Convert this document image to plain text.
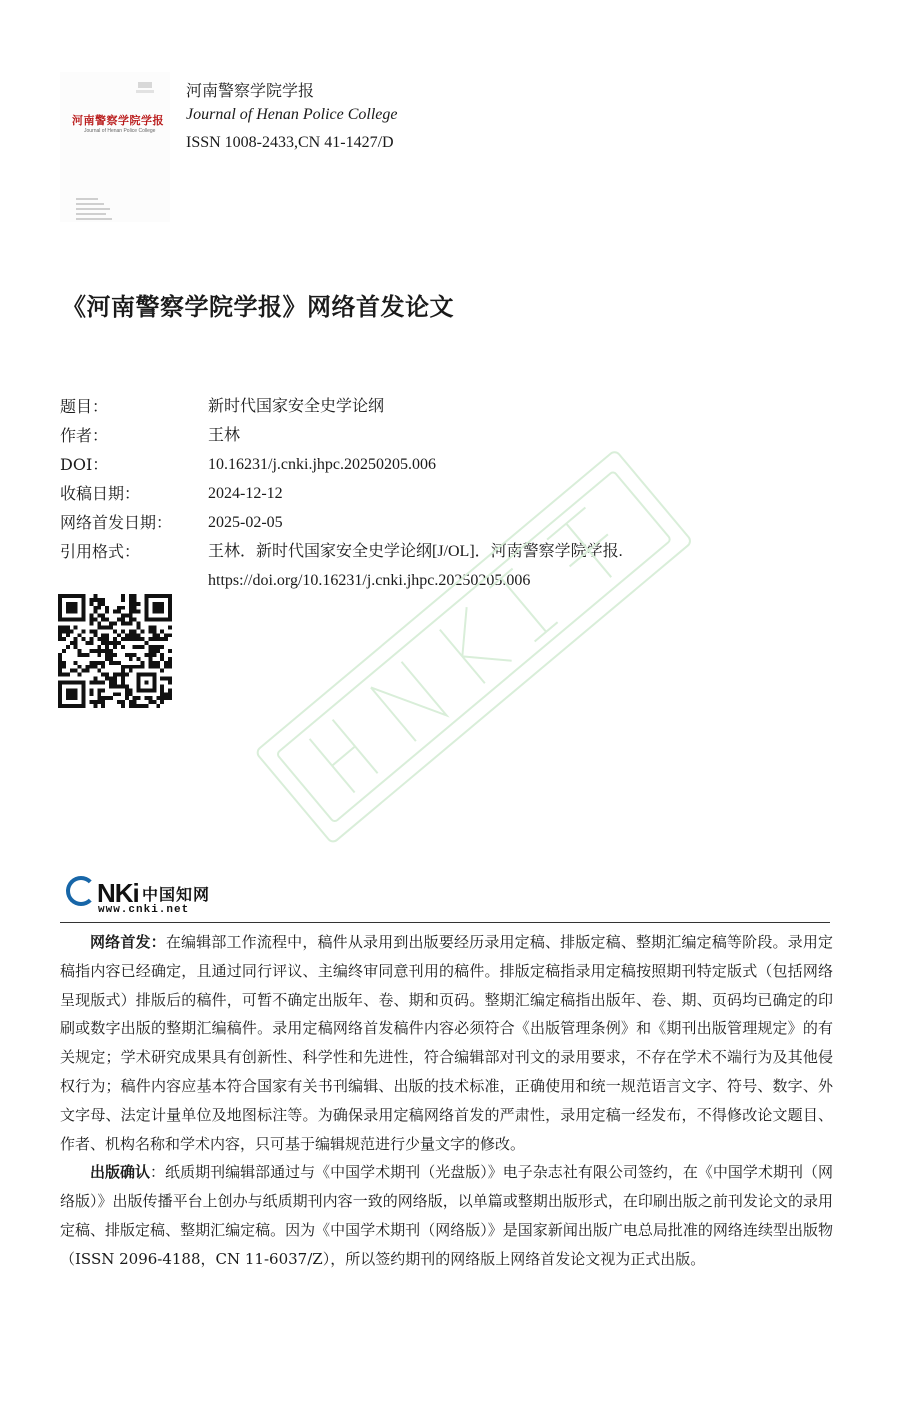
河南警察学院学报
Journal of Henan Police College
河南警察学院学报
Journal of Henan Police College
ISSN 1008-2433,CN 41-1427/D
《河南警察学院学报》网络首发论文
题目：	新时代国家安全史学论纲
作者：	王林
DOI：	10.16231/j.cnki.jhpc.20250205.006
收稿日期：	2024-12-12
网络首发日期：	2025-02-05
引用格式：	王林．新时代国家安全史学论纲[J/OL]．河南警察学院学报.
https://doi.org/10.16231/j.cnki.jhpc.20250205.006
NKi 中国知网
www.cnki.net

网络首发：在编辑部工作流程中，稿件从录用到出版要经历录用定稿、排版定稿、整期汇编定稿等阶段。录用定稿指内容已经确定，且通过同行评议、主编终审同意刊用的稿件。排版定稿指录用定稿按照期刊特定版式（包括网络呈现版式）排版后的稿件，可暂不确定出版年、卷、期和页码。整期汇编定稿指出版年、卷、期、页码均已确定的印刷或数字出版的整期汇编稿件。录用定稿网络首发稿件内容必须符合《出版管理条例》和《期刊出版管理规定》的有关规定；学术研究成果具有创新性、科学性和先进性，符合编辑部对刊文的录用要求，不存在学术不端行为及其他侵权行为；稿件内容应基本符合国家有关书刊编辑、出版的技术标准，正确使用和统一规范语言文字、符号、数字、外文字母、法定计量单位及地图标注等。为确保录用定稿网络首发的严肃性，录用定稿一经发布，不得修改论文题目、作者、机构名称和学术内容，只可基于编辑规范进行少量文字的修改。

出版确认：纸质期刊编辑部通过与《中国学术期刊（光盘版）》电子杂志社有限公司签约，在《中国学术期刊（网络版）》出版传播平台上创办与纸质期刊内容一致的网络版，以单篇或整期出版形式，在印刷出版之前刊发论文的录用定稿、排版定稿、整期汇编定稿。因为《中国学术期刊（网络版）》是国家新闻出版广电总局批准的网络连续型出版物（ISSN 2096-4188，CN 11-6037/Z），所以签约期刊的网络版上网络首发论文视为正式出版。
